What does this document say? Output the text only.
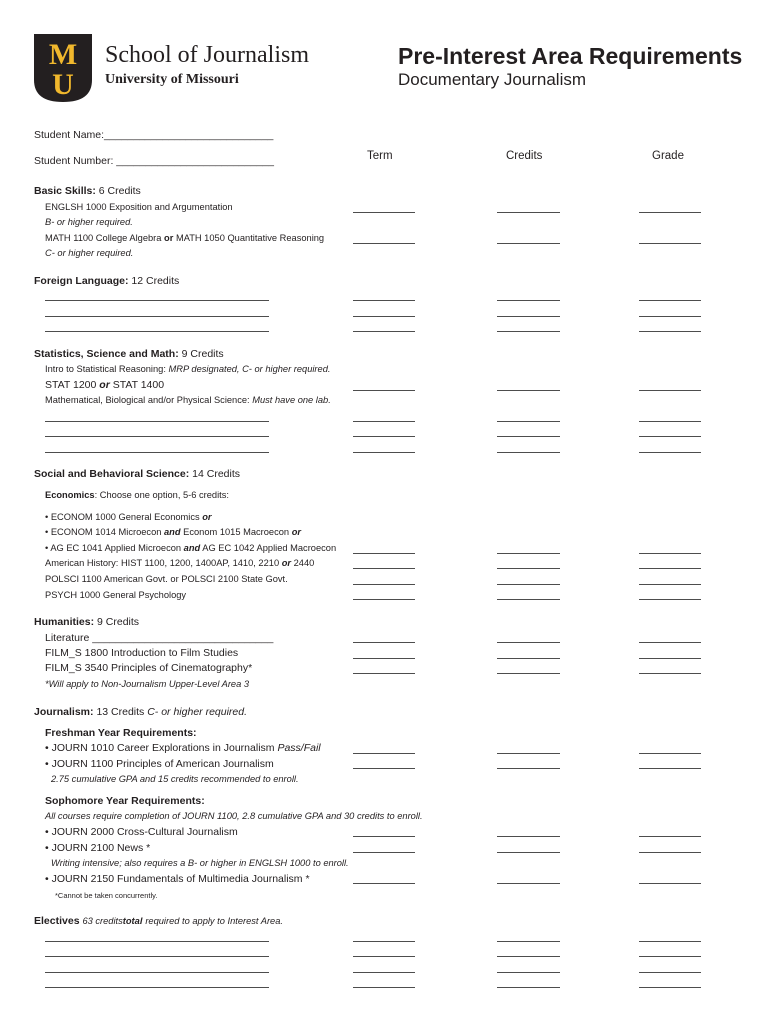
M
U
School of Journalism
University of Missouri
Pre-Interest Area Requirements
Documentary Journalism
Student Name:_____________________________
Student Number: ___________________________	Term	Credits	Grade
Basic Skills: 6 Credits
ENGLSH 1000 Exposition and Argumentation
B- or higher required.
MATH 1100 College Algebra or MATH 1050 Quantitative Reasoning
C- or higher required.
Foreign Language: 12 Credits
Statistics, Science and Math: 9 Credits
Intro to Statistical Reasoning: MRP designated, C- or higher required.
STAT 1200 or STAT 1400
Mathematical, Biological and/or Physical Science: Must have one lab.
Social and Behavioral Science: 14 Credits
Economics: Choose one option, 5-6 credits:
• ECONOM 1000 General Economics or
• ECONOM 1014 Microecon and Econom 1015 Macroecon or
• AG EC 1041 Applied Microecon and AG EC 1042 Applied Macroecon
American History: HIST 1100, 1200, 1400AP, 1410, 2210 or 2440
POLSCI 1100 American Govt. or POLSCI 2100 State Govt.
PSYCH 1000 General Psychology
Humanities: 9 Credits
Literature _______________________________
FILM_S 1800 Introduction to Film Studies
FILM_S 3540 Principles of Cinematography*
*Will apply to Non-Journalism Upper-Level Area 3
Journalism: 13 Credits C- or higher required.
Freshman Year Requirements:
• JOURN 1010 Career Explorations in Journalism Pass/Fail
• JOURN 1100 Principles of American Journalism
2.75 cumulative GPA and 15 credits recommended to enroll.
Sophomore Year Requirements:
All courses require completion of JOURN 1100, 2.8 cumulative GPA and 30 credits to enroll.
• JOURN 2000 Cross-Cultural Journalism
• JOURN 2100 News *
Writing intensive; also requires a B- or higher in ENGLSH 1000 to enroll.
• JOURN 2150 Fundamentals of Multimedia Journalism *
*Cannot be taken concurrently.
Electives 63 creditstotal required to apply to Interest Area.
